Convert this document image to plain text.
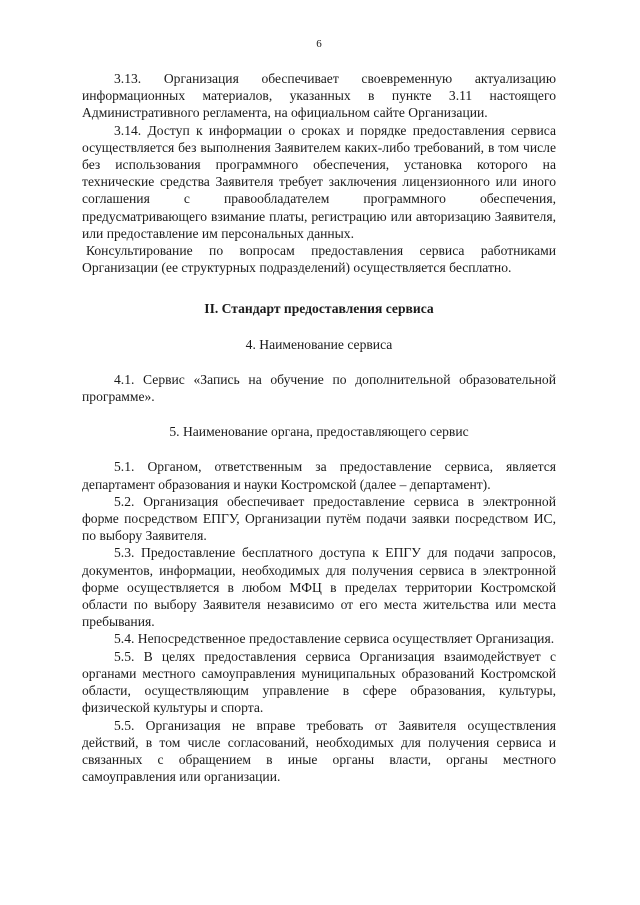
6

3.13. Организация обеспечивает своевременную актуализацию информационных материалов, указанных в пункте 3.11 настоящего Административного регламента, на официальном сайте Организации.

3.14. Доступ к информации о сроках и порядке предоставления сервиса осуществляется без выполнения Заявителем каких-либо требований, в том числе без использования программного обеспечения, установка которого на технические средства Заявителя требует заключения лицензионного или иного соглашения с правообладателем программного обеспечения, предусматривающего взимание платы, регистрацию или авторизацию Заявителя, или предоставление им персональных данных.

Консультирование по вопросам предоставления сервиса работниками Организации (ее структурных подразделений) осуществляется бесплатно.

II. Стандарт предоставления сервиса
4. Наименование сервиса

4.1. Сервис «Запись на обучение по дополнительной образовательной программе».

5. Наименование органа, предоставляющего сервис

5.1. Органом, ответственным за предоставление сервиса, является департамент образования и науки Костромской (далее – департамент).

5.2. Организация обеспечивает предоставление сервиса в электронной форме посредством ЕПГУ, Организации путём подачи заявки посредством ИС, по выбору Заявителя.

5.3. Предоставление бесплатного доступа к ЕПГУ для подачи запросов, документов, информации, необходимых для получения сервиса в электронной форме осуществляется в любом МФЦ в пределах территории Костромской области по выбору Заявителя независимо от его места жительства или места пребывания.

5.4. Непосредственное предоставление сервиса осуществляет Организация.

5.5. В целях предоставления сервиса Организация взаимодействует с органами местного самоуправления муниципальных образований Костромской области, осуществляющим управление в сфере образования, культуры, физической культуры и спорта.

5.5. Организация не вправе требовать от Заявителя осуществления действий, в том числе согласований, необходимых для получения сервиса и связанных с обращением в иные органы власти, органы местного самоуправления или организации.
